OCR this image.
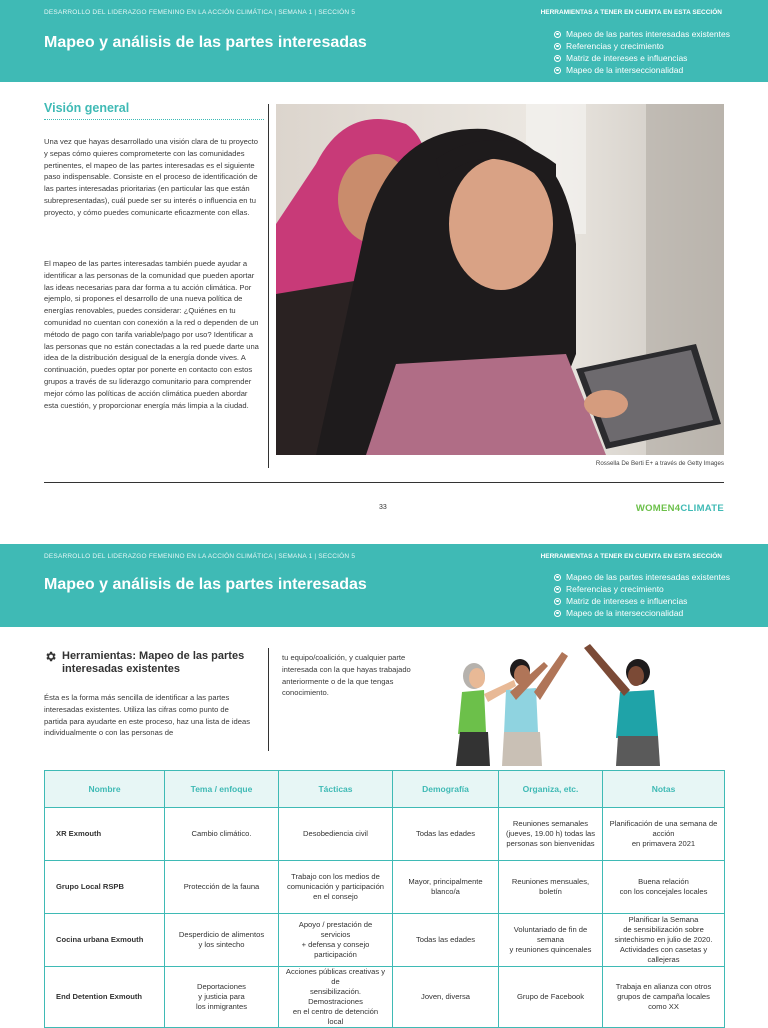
DESARROLLO DEL LIDERAZGO FEMENINO EN LA ACCIÓN CLIMÁTICA | SEMANA 1 | SECCIÓN 5
Mapeo y análisis de las partes interesadas
HERRAMIENTAS A TENER EN CUENTA EN ESTA SECCIÓN
Mapeo de las partes interesadas existentes
Referencias y crecimiento
Matriz de intereses e influencias
Mapeo de la interseccionalidad
Visión general
Una vez que hayas desarrollado una visión clara de tu proyecto y sepas cómo quieres comprometerte con las comunidades pertinentes, el mapeo de las partes interesadas es el siguiente paso indispensable. Consiste en el proceso de identificación de las partes interesadas prioritarias (en particular las que están subrepresentadas), cuál puede ser su interés o influencia en tu proyecto, y cómo puedes comunicarte eficazmente con ellas.
El mapeo de las partes interesadas también puede ayudar a identificar a las personas de la comunidad que pueden aportar las ideas necesarias para dar forma a tu acción climática. Por ejemplo, si propones el desarrollo de una nueva política de energías renovables, puedes considerar: ¿Quiénes en tu comunidad no cuentan con conexión a la red o dependen de un método de pago con tarifa variable/pago por uso? Identificar a las personas que no están conectadas a la red puede darte una idea de la distribución desigual de la energía donde vives. A continuación, puedes optar por ponerte en contacto con estos grupos a través de su liderazgo comunitario para comprender mejor cómo las políticas de acción climática pueden abordar esta cuestión, y proporcionar energía más limpia a la ciudad.
Rossella De Berti E+ a través de Getty Images
33	WOMEN4CLIMATE
DESARROLLO DEL LIDERAZGO FEMENINO EN LA ACCIÓN CLIMÁTICA | SEMANA 1 | SECCIÓN 5
Mapeo y análisis de las partes interesadas
HERRAMIENTAS A TENER EN CUENTA EN ESTA SECCIÓN
Mapeo de las partes interesadas existentes
Referencias y crecimiento
Matriz de intereses e influencias
Mapeo de la interseccionalidad
Herramientas: Mapeo de las partes interesadas existentes
Ésta es la forma más sencilla de identificar a las partes interesadas existentes. Utiliza las cifras como punto de partida para ayudarte en este proceso, haz una lista de ideas individualmente o con las personas de
tu equipo/coalición, y cualquier parte interesada con la que hayas trabajado anteriormente o de la que tengas conocimiento.
Nombre	Tema / enfoque	Tácticas	Demografía	Organiza, etc.	Notas
XR Exmouth	Cambio climático.	Desobediencia civil	Todas las edades	Reuniones semanales
(jueves, 19.00 h) todas las
personas son bienvenidas	Planificación de una semana de
acción
en primavera 2021
Grupo Local RSPB	Protección de la fauna	Trabajo con los medios de
comunicación y participación
en el consejo	Mayor, principalmente
blanco/a	Reuniones mensuales,
boletín	Buena relación
con los concejales locales
Cocina urbana Exmouth	Desperdicio de alimentos
y los sintecho	Apoyo / prestación de servicios
+ defensa y consejo
participación	Todas las edades	Voluntariado de fin de
semana
y reuniones quincenales	Planificar la Semana
de sensibilización sobre
sintechismo en julio de 2020.
Actividades con casetas y
callejeras
End Detention Exmouth	Deportaciones
y justicia para
los inmigrantes	Acciones públicas creativas y de
sensibilización. Demostraciones
en el centro de detención local	Joven, diversa	Grupo de Facebook	Trabaja en alianza con otros
grupos de campaña locales
como XX
